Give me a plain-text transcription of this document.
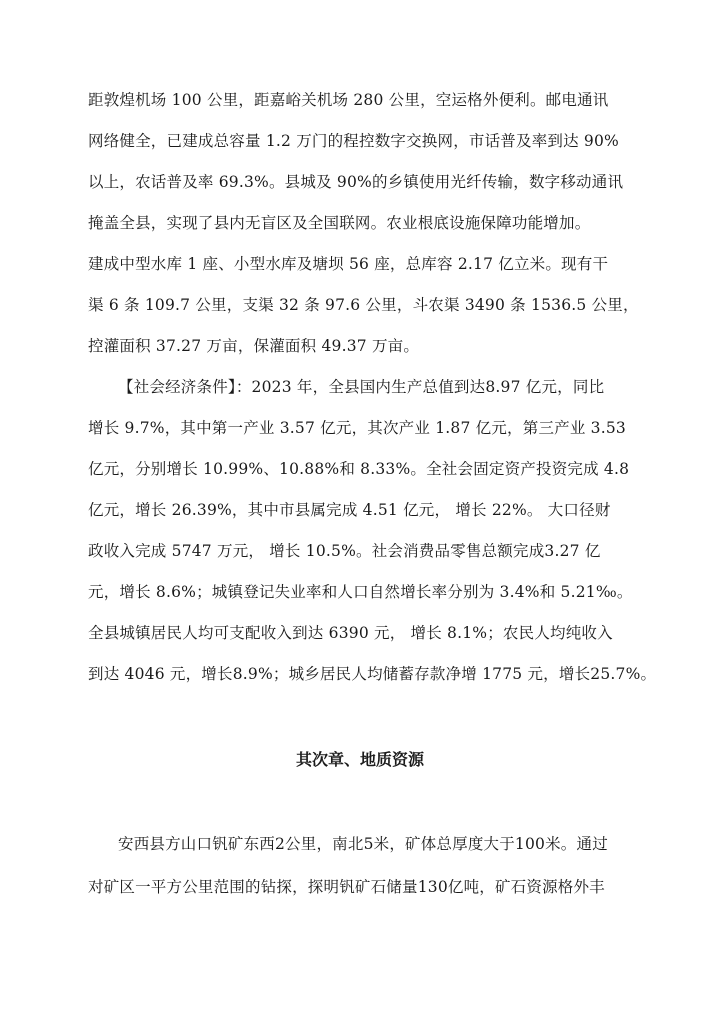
距敦煌机场 100 公里，距嘉峪关机场 280 公里，空运格外便利。邮电通讯
网络健全，已建成总容量 1.2 万门的程控数字交换网，市话普及率到达 90%
以上，农话普及率 69.3%。县城及 90%的乡镇使用光纤传输，数字移动通讯
掩盖全县，实现了县内无盲区及全国联网。农业根底设施保障功能增加。
建成中型水库 1 座、小型水库及塘坝 56 座，总库容 2.17 亿立米。现有干
渠 6 条 109.7 公里，支渠 32 条 97.6 公里，斗农渠 3490 条 1536.5 公里，
控灌面积 37.27 万亩，保灌面积 49.37 万亩。
【社会经济条件】：2023 年，全县国内生产总值到达8.97 亿元，同比
增长 9.7%，其中第一产业 3.57 亿元，其次产业 1.87 亿元，第三产业 3.53
亿元，分别增长 10.99%、10.88%和 8.33%。全社会固定资产投资完成 4.8
亿元，增长 26.39%，其中市县属完成 4.51 亿元， 增长 22%。 大口径财
政收入完成 5747 万元， 增长 10.5%。社会消费品零售总额完成3.27 亿
元，增长 8.6%；城镇登记失业率和人口自然增长率分别为 3.4%和 5.21‰。
全县城镇居民人均可支配收入到达 6390 元， 增长 8.1%；农民人均纯收入
到达 4046 元，增长8.9%；城乡居民人均储蓄存款净增 1775 元，增长25.7%。
其次章、地质资源
安西县方山口钒矿东西2公里，南北5米，矿体总厚度大于100米。通过
对矿区一平方公里范围的钻探，探明钒矿石储量130亿吨，矿石资源格外丰
